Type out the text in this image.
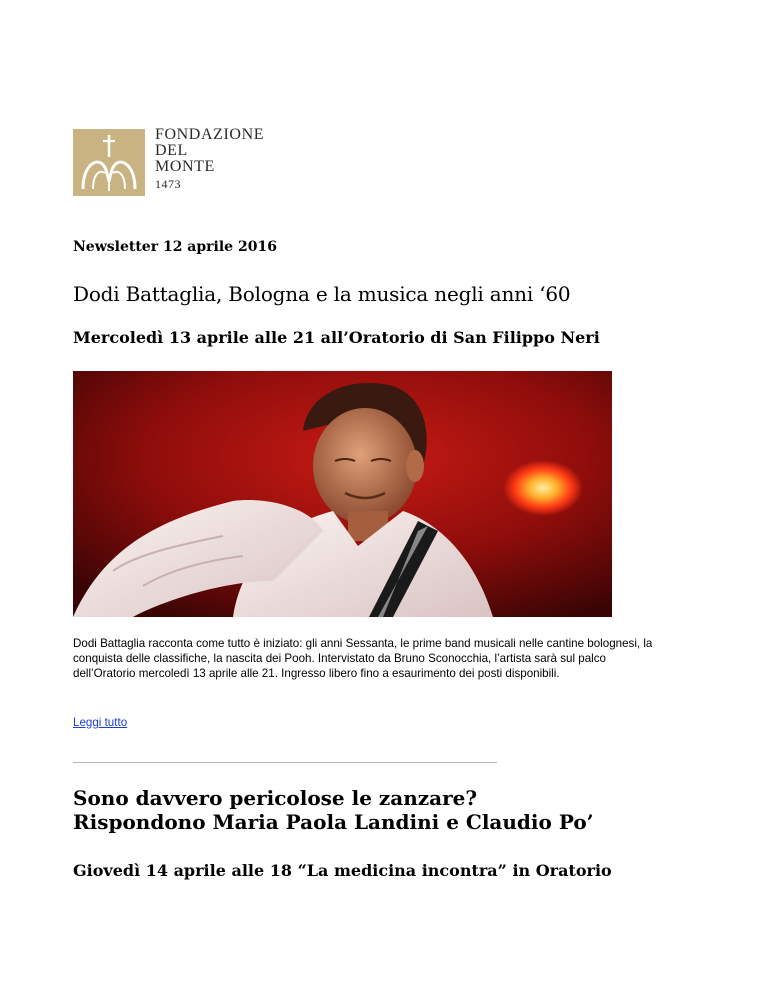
FONDAZIONE
DEL
MONTE
1473
Newsletter 12 aprile 2016
Dodi Battaglia, Bologna e la musica negli anni ‘60
Mercoledì 13 aprile alle 21 all’Oratorio di San Filippo Neri

Dodi Battaglia racconta come tutto è iniziato: gli anni Sessanta, le prime band musicali nelle cantine bolognesi, la conquista delle classifiche, la nascita dei Pooh. Intervistato da Bruno Sconocchia, l’artista sarà sul palco dell’Oratorio mercoledì 13 aprile alle 21. Ingresso libero fino a esaurimento dei posti disponibili.

Leggi tutto
Sono davvero pericolose le zanzare?
Rispondono Maria Paola Landini e Claudio Po’
Giovedì 14 aprile alle 18 “La medicina incontra” in Oratorio
